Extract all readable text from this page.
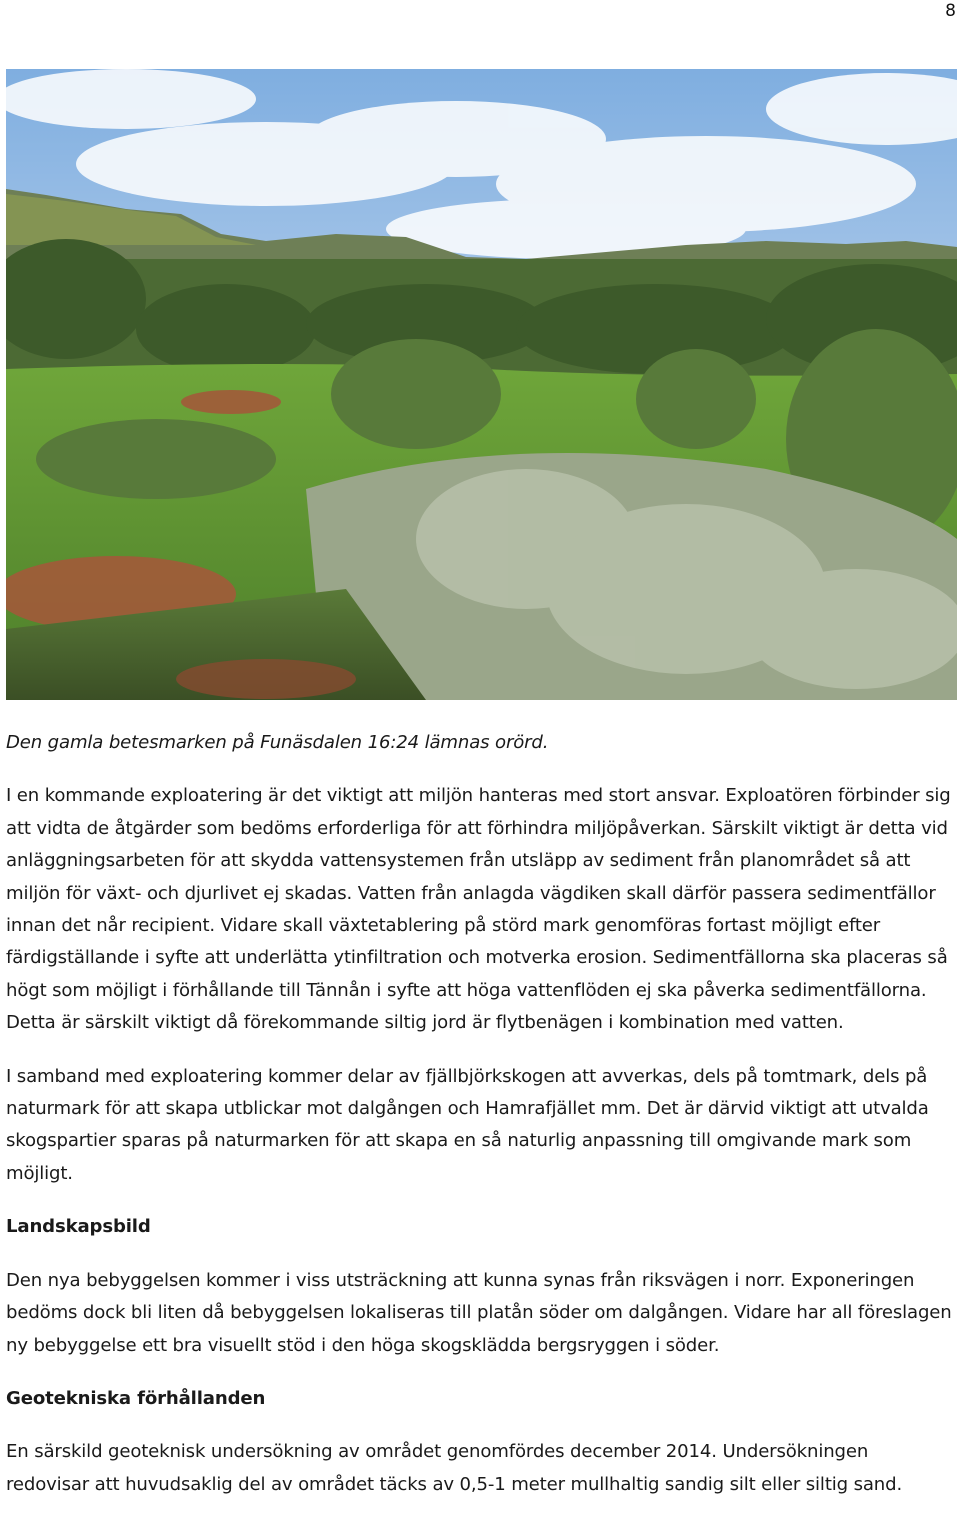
8

Den gamla betesmarken på Funäsdalen 16:24 lämnas orörd.

I en kommande exploatering är det viktigt att miljön hanteras med stort ansvar. Exploatören förbinder sig att vidta de åtgärder som bedöms erforderliga för att förhindra miljöpåverkan. Särskilt viktigt är detta vid anläggningsarbeten för att skydda vattensystemen från utsläpp av sediment från planområdet så att miljön för växt- och djurlivet ej skadas. Vatten från anlagda vägdiken skall därför passera sedimentfällor innan det når recipient. Vidare skall växtetablering på störd mark genomföras fortast möjligt efter färdigställande i syfte att underlätta ytinfiltration och motverka erosion. Sedimentfällorna ska placeras så högt som möjligt i förhållande till Tännån i syfte att höga vattenflöden ej ska påverka sedimentfällorna. Detta är särskilt viktigt då förekommande siltig jord är flytbenägen i kombination med vatten.

I samband med exploatering kommer delar av fjällbjörkskogen att avverkas, dels på tomtmark, dels på naturmark för att skapa utblickar mot dalgången och Hamrafjället mm. Det är därvid viktigt att utvalda skogspartier sparas på naturmarken för att skapa en så naturlig anpassning till omgivande mark som möjligt.

Landskapsbild

Den nya bebyggelsen kommer i viss utsträckning att kunna synas från riksvägen i norr. Exponeringen bedöms dock bli liten då bebyggelsen lokaliseras till platån söder om dalgången. Vidare har all föreslagen ny bebyggelse ett bra visuellt stöd i den höga skogsklädda bergsryggen i söder.

Geotekniska förhållanden

En särskild geoteknisk undersökning av området genomfördes december 2014. Undersökningen redovisar att huvudsaklig del av området täcks av 0,5-1 meter mullhaltig sandig silt eller siltig sand.
